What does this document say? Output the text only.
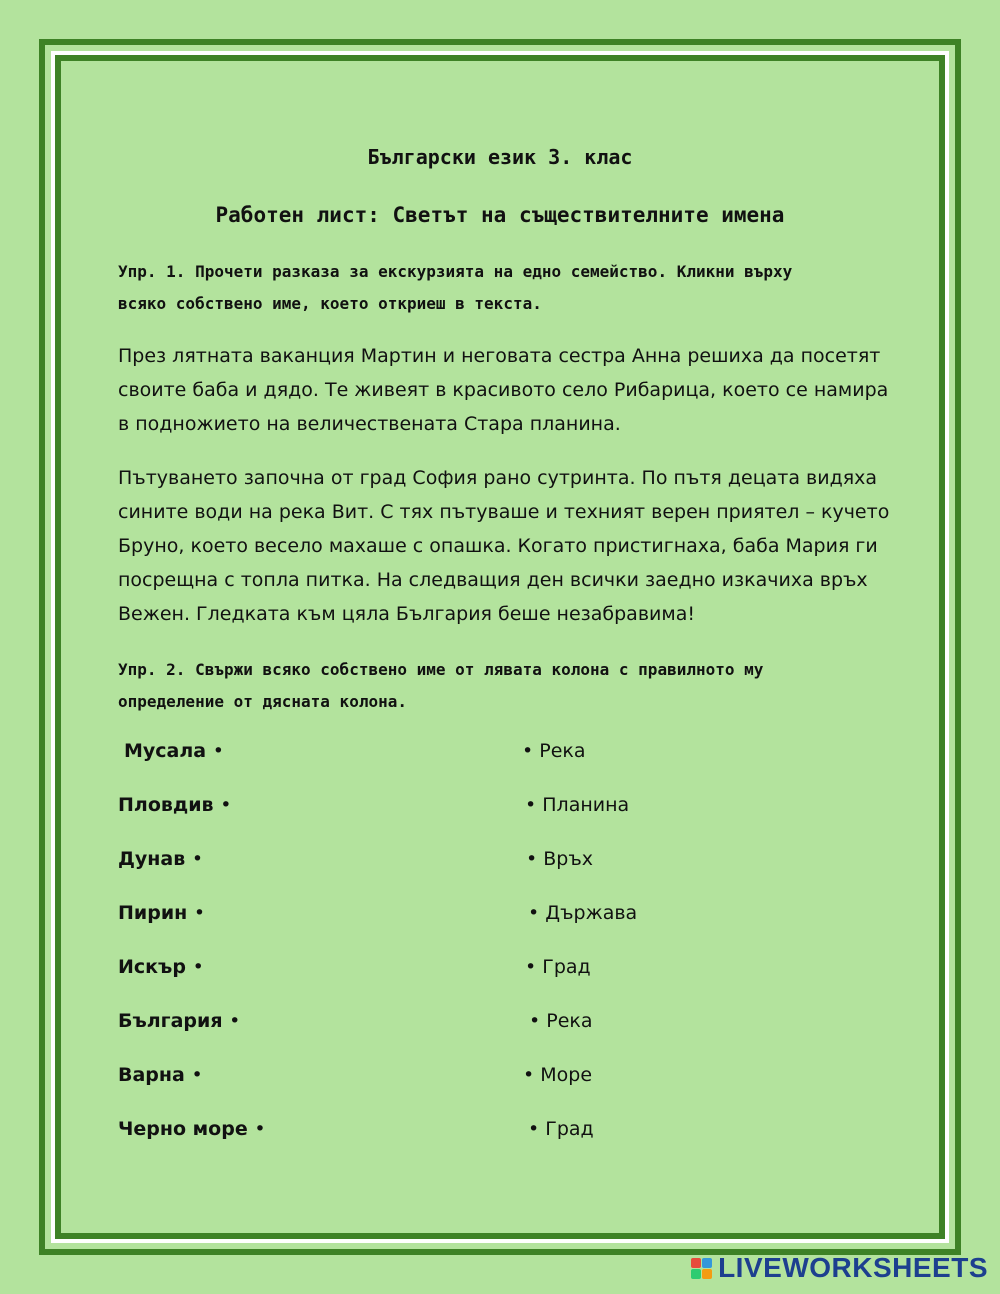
Български език 3. клас
Работен лист: Светът на съществителните имена
Упр. 1. Прочети разказа за екскурзията на едно семейство. Кликни върху
всяко собствено име, което откриеш в текста.

През лятната ваканция Мартин и неговата сестра Анна решиха да посетят своите баба и дядо. Те живеят в красивото село Рибарица, което се намира в подножието на величествената Стара планина.

Пътуването започна от град София рано сутринта. По пътя децата видяха сините води на река Вит. С тях пътуваше и техният верен приятел – кучето Бруно, което весело махаше с опашка. Когато пристигнаха, баба Мария ги посрещна с топла питка. На следващия ден всички заедно изкачиха връх Вежен. Гледката към цяла България беше незабравима!

Упр. 2. Свържи всяко собствено име от лявата колона с правилното му
определение от дясната колона.
Мусала •	• Река
Пловдив •	• Планина
Дунав •	• Връх
Пирин •	• Държава
Искър •	• Град
България •	• Река
Варна •	• Море
Черно море •	• Град
LIVEWORKSHEETS
